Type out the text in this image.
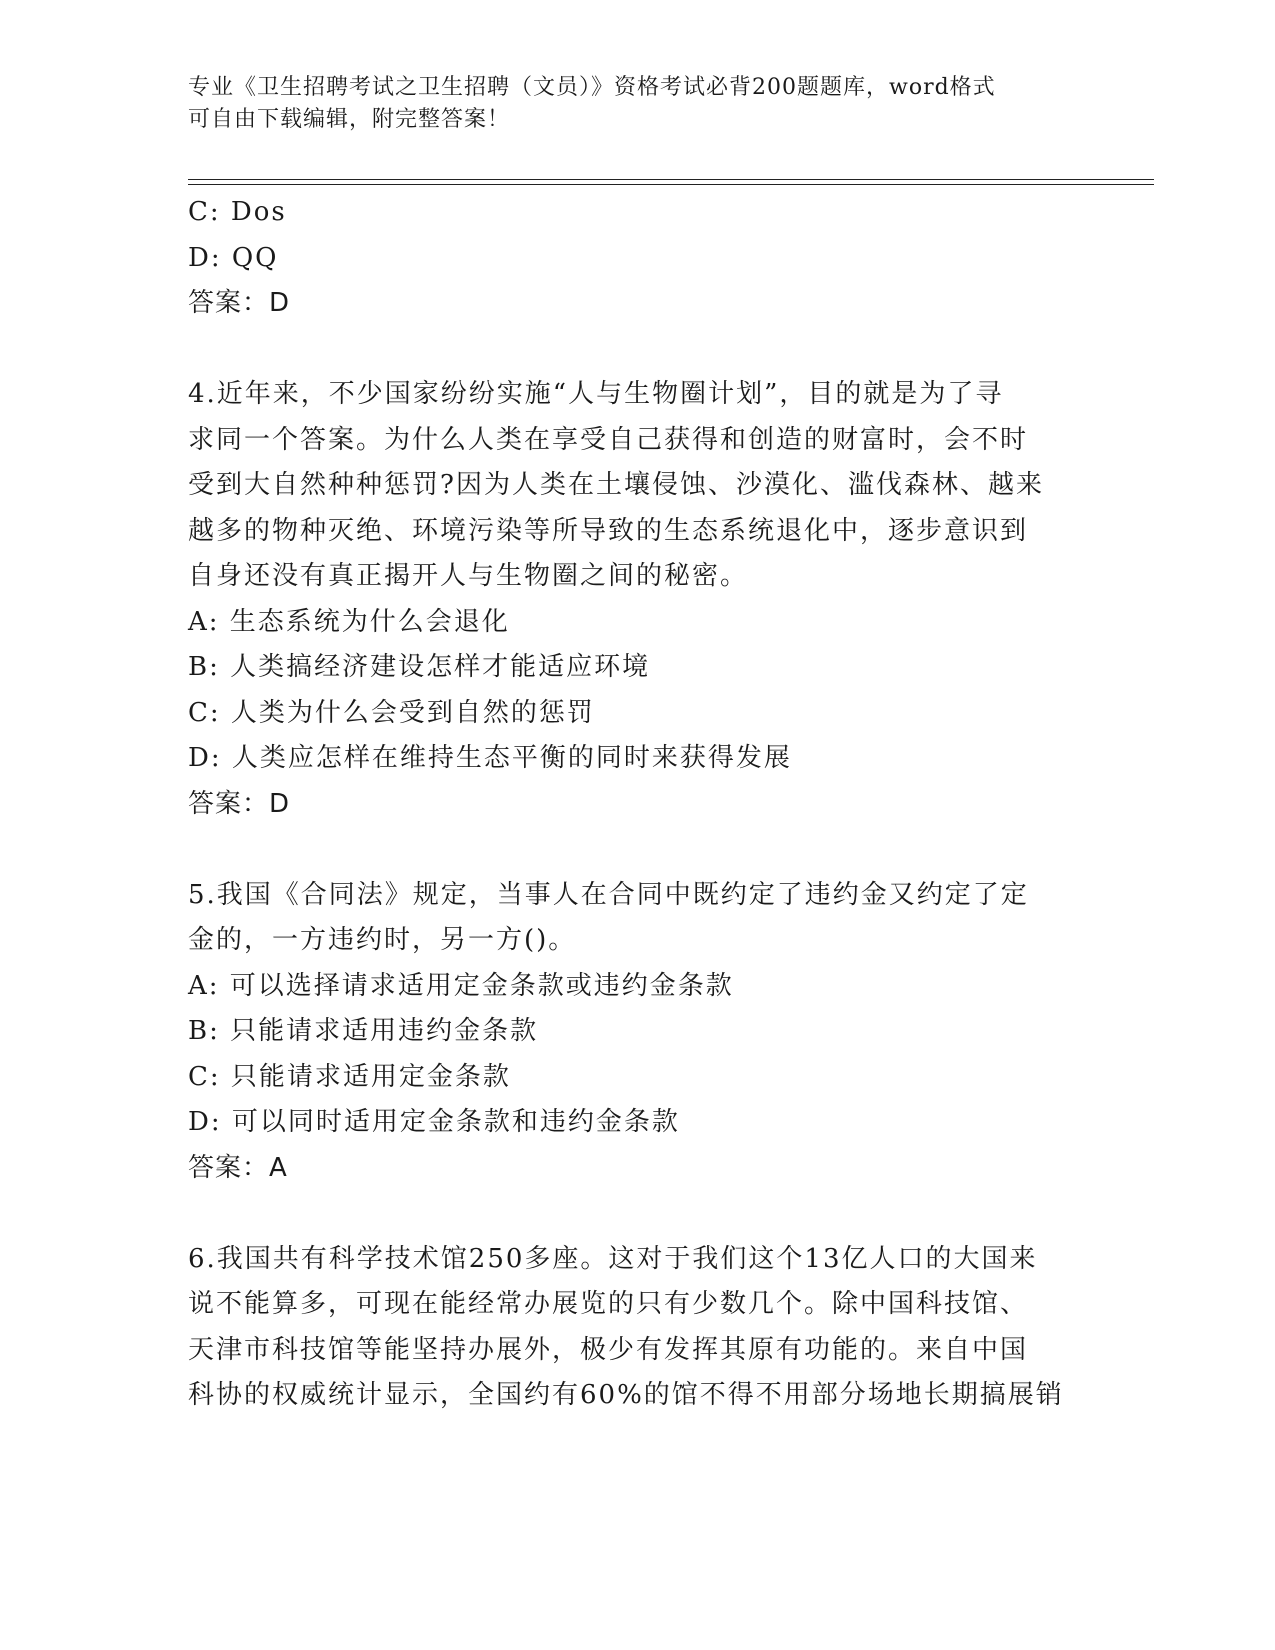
专业《卫生招聘考试之卫生招聘（文员）》资格考试必背200题题库，word格式
可自由下载编辑，附完整答案！
C: Dos
D: QQ
答案：D
4.近年来，不少国家纷纷实施“人与生物圈计划”，目的就是为了寻
求同一个答案。为什么人类在享受自己获得和创造的财富时，会不时
受到大自然种种惩罚?因为人类在土壤侵蚀、沙漠化、滥伐森林、越来
越多的物种灭绝、环境污染等所导致的生态系统退化中，逐步意识到
自身还没有真正揭开人与生物圈之间的秘密。
A: 生态系统为什么会退化
B: 人类搞经济建设怎样才能适应环境
C: 人类为什么会受到自然的惩罚
D: 人类应怎样在维持生态平衡的同时来获得发展
答案：D
5.我国《合同法》规定，当事人在合同中既约定了违约金又约定了定
金的，一方违约时，另一方()。
A: 可以选择请求适用定金条款或违约金条款
B: 只能请求适用违约金条款
C: 只能请求适用定金条款
D: 可以同时适用定金条款和违约金条款
答案：A
6.我国共有科学技术馆250多座。这对于我们这个13亿人口的大国来
说不能算多，可现在能经常办展览的只有少数几个。除中国科技馆、
天津市科技馆等能坚持办展外，极少有发挥其原有功能的。来自中国
科协的权威统计显示，全国约有60%的馆不得不用部分场地长期搞展销
